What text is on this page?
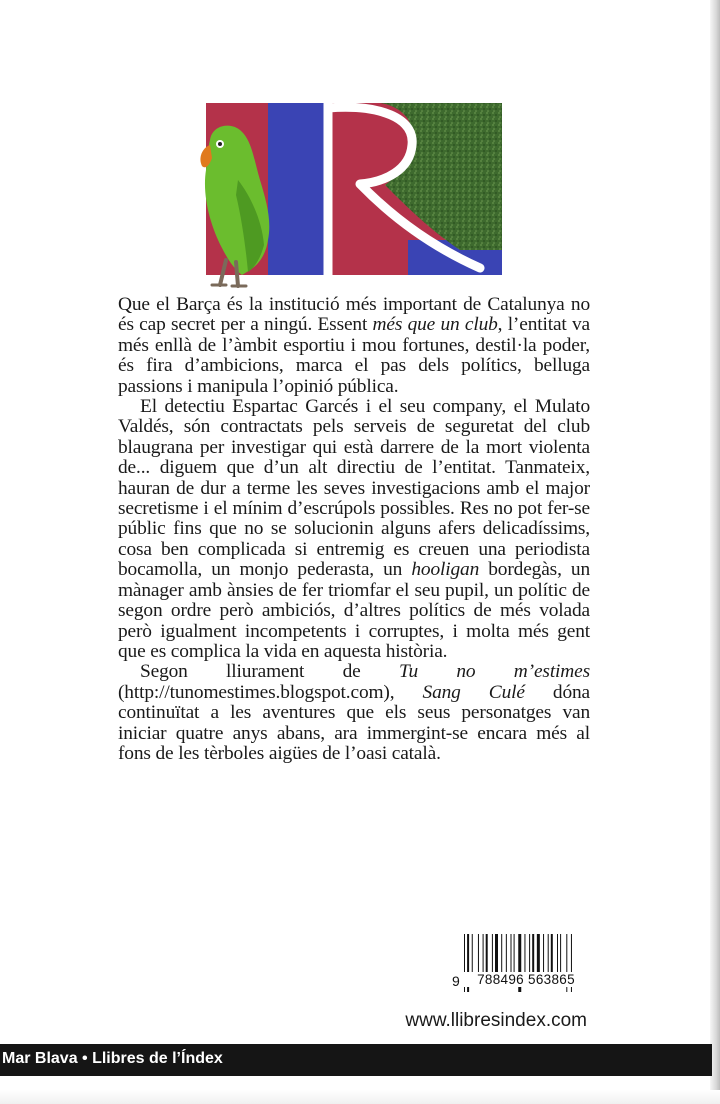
Que el Barça és la institució més important de Catalunya no és cap secret per a ningú. Essent més que un club, l’entitat va més enllà de l’àmbit esportiu i mou fortunes, destil·la poder, és fira d’ambicions, marca el pas dels polítics, belluga passions i manipula l’opinió pública.

El detectiu Espartac Garcés i el seu company, el Mulato Valdés, són contractats pels serveis de seguretat del club blaugrana per investigar qui està darrere de la mort violenta de... diguem que d’un alt directiu de l’entitat. Tanmateix, hauran de dur a terme les seves investigacions amb el major secretisme i el mínim d’escrúpols possibles. Res no pot fer-se públic fins que no se solucionin alguns afers delicadíssims, cosa ben complicada si entremig es creuen una periodista bocamolla, un monjo pederasta, un hooligan bordegàs, un mànager amb ànsies de fer triomfar el seu pupil, un polític de segon ordre però ambiciós, d’altres polítics de més volada però igualment incompetents i corruptes, i molta més gent que es complica la vida en aquesta història.

Segon lliurament de Tu no m’estimes (http://tunomestimes.blogspot.com), Sang Culé dóna continuïtat a les aventures que els seus personatges van iniciar quatre anys abans, ara immergint-se encara més al fons de les tèrboles aigües de l’oasi català.

9	788496 563865
www.llibresindex.com
Mar Blava • Llibres de l’Índex
